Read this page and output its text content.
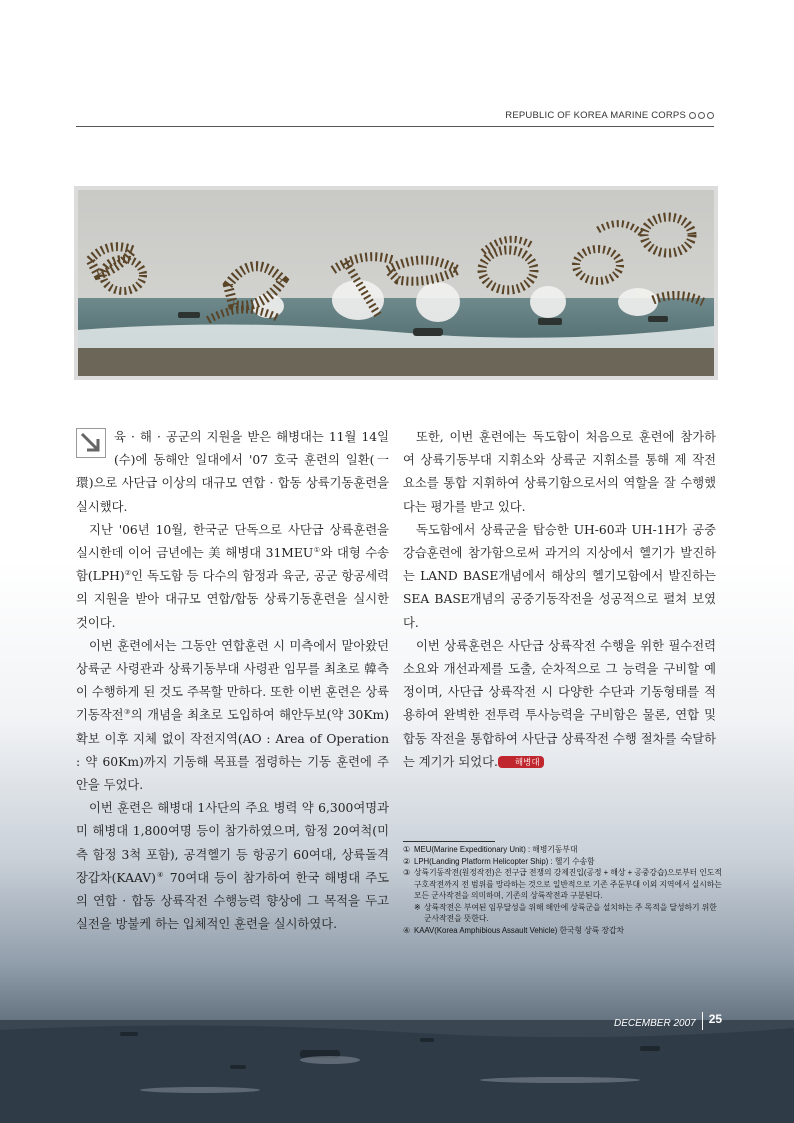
REPUBLIC OF KOREA MARINE CORPS

육 · 해 · 공군의 지원을 받은 해병대는 11월 14일(수)에 동해안 일대에서 '07 호국 훈련의 일환(一環)으로 사단급 이상의 대규모 연합 · 합동 상륙기동훈련을 실시했다.

지난 '06년 10월, 한국군 단독으로 사단급 상륙훈련을 실시한데 이어 금년에는 美 해병대 31MEU①와 대형 수송함(LPH)②인 독도함 등 다수의 함정과 육군, 공군 항공세력의 지원을 받아 대규모 연합/합동 상륙기동훈련을 실시한 것이다.

이번 훈련에서는 그동안 연합훈련 시 미측에서 맡아왔던 상륙군 사령관과 상륙기동부대 사령관 임무를 최초로 韓측이 수행하게 된 것도 주목할 만하다. 또한 이번 훈련은 상륙기동작전③의 개념을 최초로 도입하여 해안두보(약 30Km) 확보 이후 지체 없이 작전지역(AO : Area of Operation : 약 60Km)까지 기동해 목표를 점령하는 기동 훈련에 주안을 두었다.

이번 훈련은 해병대 1사단의 주요 병력 약 6,300여명과 미 해병대 1,800여명 등이 참가하였으며, 함정 20여척(미측 함정 3척 포함), 공격헬기 등 항공기 60여대, 상륙돌격장갑차(KAAV)④ 70여대 등이 참가하여 한국 해병대 주도의 연합 · 합동 상륙작전 수행능력 향상에 그 목적을 두고 실전을 방불케 하는 입체적인 훈련을 실시하였다.

또한, 이번 훈련에는 독도함이 처음으로 훈련에 참가하여 상륙기동부대 지휘소와 상륙군 지휘소를 통해 제 작전 요소를 통합 지휘하여 상륙기함으로서의 역할을 잘 수행했다는 평가를 받고 있다.

독도함에서 상륙군을 탑승한 UH-60과 UH-1H가 공중강습훈련에 참가함으로써 과거의 지상에서 헬기가 발진하는 LAND BASE개념에서 해상의 헬기모함에서 발진하는 SEA BASE개념의 공중기동작전을 성공적으로 펼쳐 보였다.

이번 상륙훈련은 사단급 상륙작전 수행을 위한 필수전력 소요와 개선과제를 도출, 순차적으로 그 능력을 구비할 예정이며, 사단급 상륙작전 시 다양한 수단과 기동형태를 적용하여 완벽한 전투력 투사능력을 구비함은 물론, 연합 및 합동 작전을 통합하여 사단급 상륙작전 수행 절차를 숙달하는 계기가 되었다. 해병대

① MEU(Marine Expeditionary Unit) : 해병기동부대
② LPH(Landing Platform Helicopter Ship) : 헬기 수송함
③ 상륙기동작전(원정작전)은 전구급 전쟁의 강제진입(공정 + 해상 + 공중강습)으로부터 인도적 구호작전까지 전 범위를 망라하는 것으로 일반적으로 기존 주둔부대 이외 지역에서 실시하는 모든 군사작전을 의미하며, 기존의 상륙작전과 구분된다.
※ 상륙작전은 부여된 임무달성을 위해 해안에 상륙군을 설치하는 주 목적을 달성하기 위한 군사작전을 뜻한다.
④ KAAV(Korea Amphibious Assault Vehicle) 한국형 상륙 장갑차
DECEMBER 2007 25
